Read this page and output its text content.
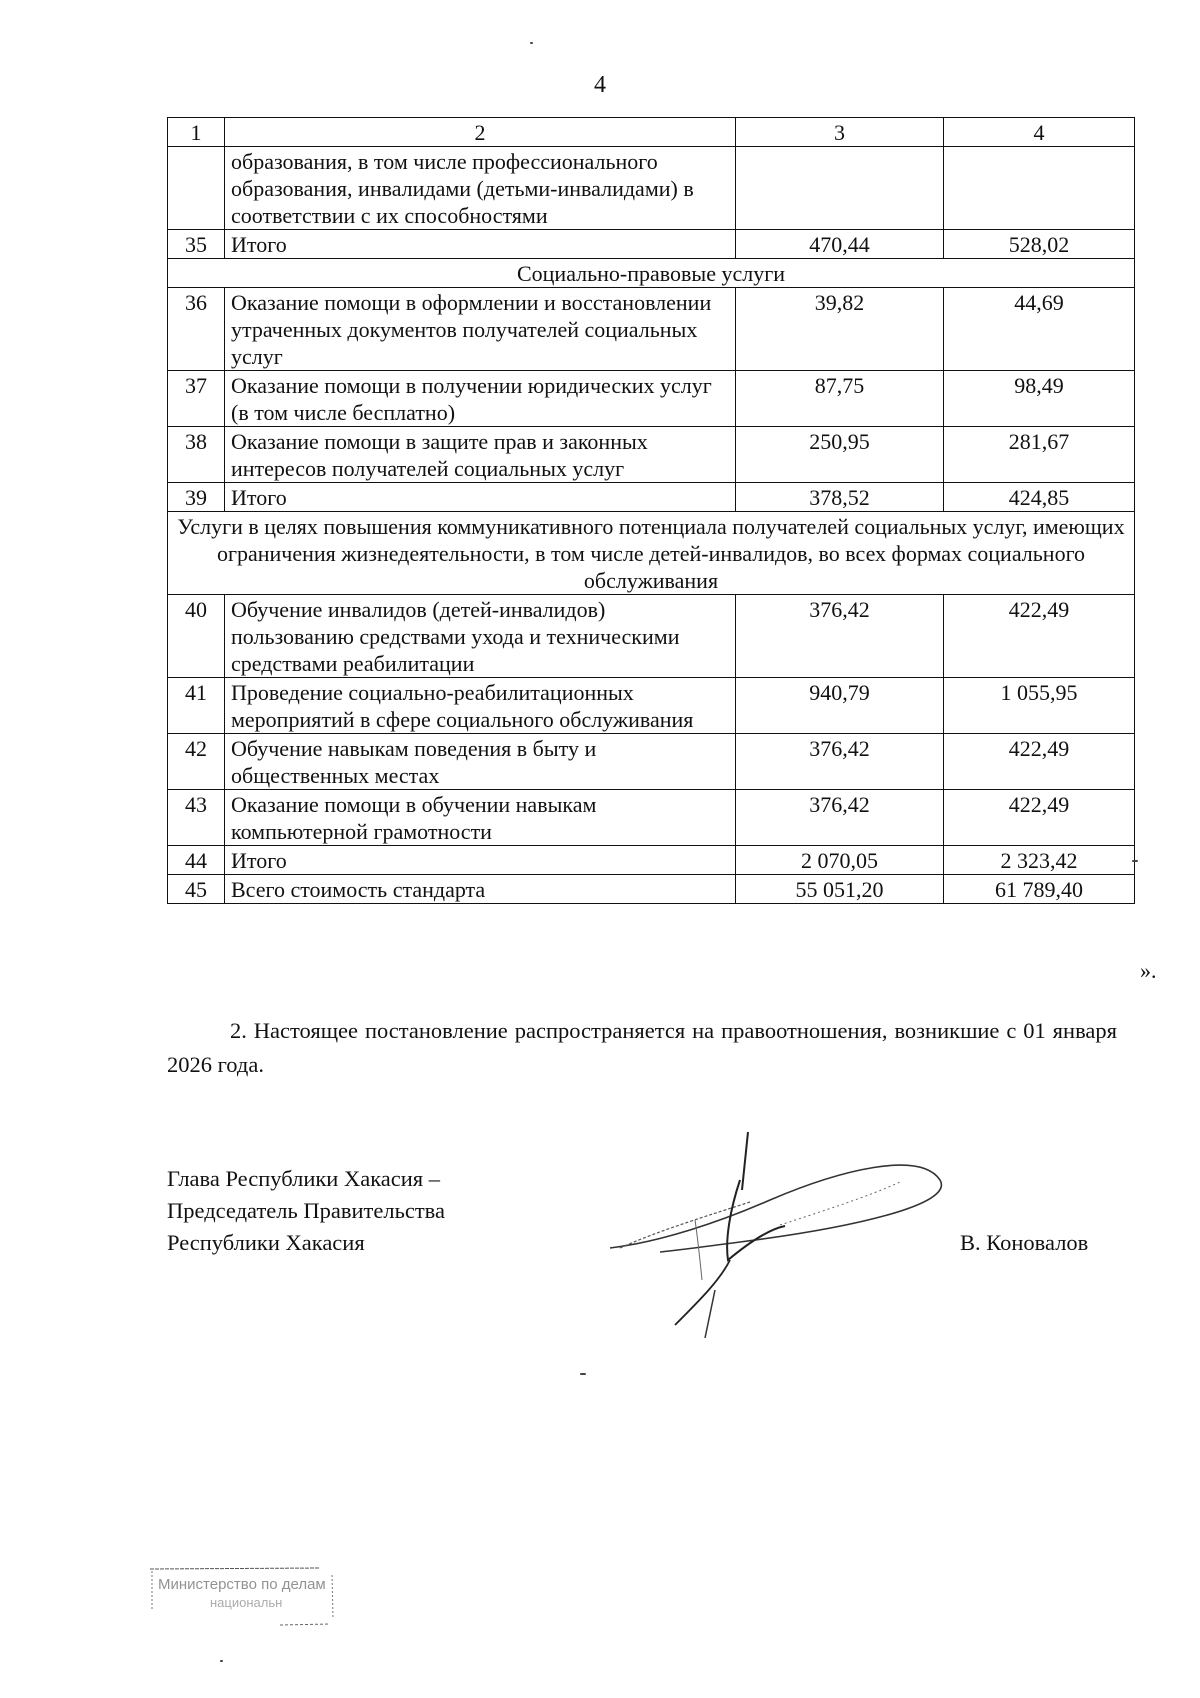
4
1	2	3	4
	образования, в том числе профессионального образования, инвалидами (детьми-инвалидами) в соответствии с их способностями		
35	Итого	470,44	528,02
Социально-правовые услуги			
36	Оказание помощи в оформлении и восстановлении утраченных документов получателей социальных услуг	39,82	44,69
37	Оказание помощи в получении юридических услуг (в том числе бесплатно)	87,75	98,49
38	Оказание помощи в защите прав и законных интересов получателей социальных услуг	250,95	281,67
39	Итого	378,52	424,85
Услуги в целях повышения коммуникативного потенциала получателей социальных услуг, имеющих ограничения жизнедеятельности, в том числе детей-инвалидов, во всех формах социального обслуживания			
40	Обучение инвалидов (детей-инвалидов) пользованию средствами ухода и техническими средствами реабилитации	376,42	422,49
41	Проведение социально-реабилитационных мероприятий в сфере социального обслуживания	940,79	1 055,95
42	Обучение навыкам поведения в быту и общественных местах	376,42	422,49
43	Оказание помощи в обучении навыкам компьютерной грамотности	376,42	422,49
44	Итого	2 070,05	2 323,42
45	Всего стоимость стандарта	55 051,20	61 789,40
».
2. Настоящее постановление распространяется на правоотношения, возникшие с 01 января 2026 года.
Глава Республики Хакасия –
Председатель Правительства
Республики Хакасия	В. Коновалов
Министерство по делам
национальн
